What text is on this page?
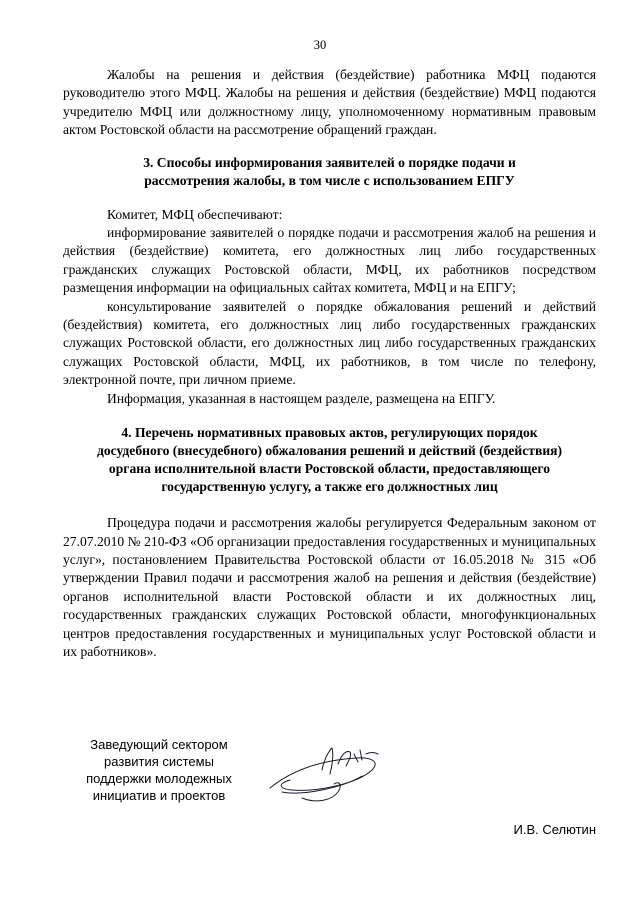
30

Жалобы на решения и действия (бездействие) работника МФЦ подаются руководителю этого МФЦ. Жалобы на решения и действия (бездействие) МФЦ подаются учредителю МФЦ или должностному лицу, уполномоченному нормативным правовым актом Ростовской области на рассмотрение обращений граждан.

3. Способы информирования заявителей о порядке подачи и
рассмотрения жалобы, в том числе с использованием ЕПГУ

Комитет, МФЦ обеспечивают:

информирование заявителей о порядке подачи и рассмотрения жалоб на решения и действия (бездействие) комитета, его должностных лиц либо государственных гражданских служащих Ростовской области, МФЦ, их работников посредством размещения информации на официальных сайтах комитета, МФЦ и на ЕПГУ;

консультирование заявителей о порядке обжалования решений и действий (бездействия) комитета, его должностных лиц либо государственных гражданских служащих Ростовской области, его должностных лиц либо государственных гражданских служащих Ростовской области, МФЦ, их работников, в том числе по телефону, электронной почте, при личном приеме.

Информация, указанная в настоящем разделе, размещена на ЕПГУ.

4. Перечень нормативных правовых актов, регулирующих порядок
досудебного (внесудебного) обжалования решений и действий (бездействия)
органа исполнительной власти Ростовской области, предоставляющего
государственную услугу, а также его должностных лиц

Процедура подачи и рассмотрения жалобы регулируется Федеральным законом от 27.07.2010 № 210-ФЗ «Об организации предоставления государственных и муниципальных услуг», постановлением Правительства Ростовской области от 16.05.2018 № 315 «Об утверждении Правил подачи и рассмотрения жалоб на решения и действия (бездействие) органов исполнительной власти Ростовской области и их должностных лиц, государственных гражданских служащих Ростовской области, многофункциональных центров предоставления государственных и муниципальных услуг Ростовской области и их работников».

Заведующий сектором
развития системы
поддержки молодежных
инициатив и проектов
И.В. Селютин
